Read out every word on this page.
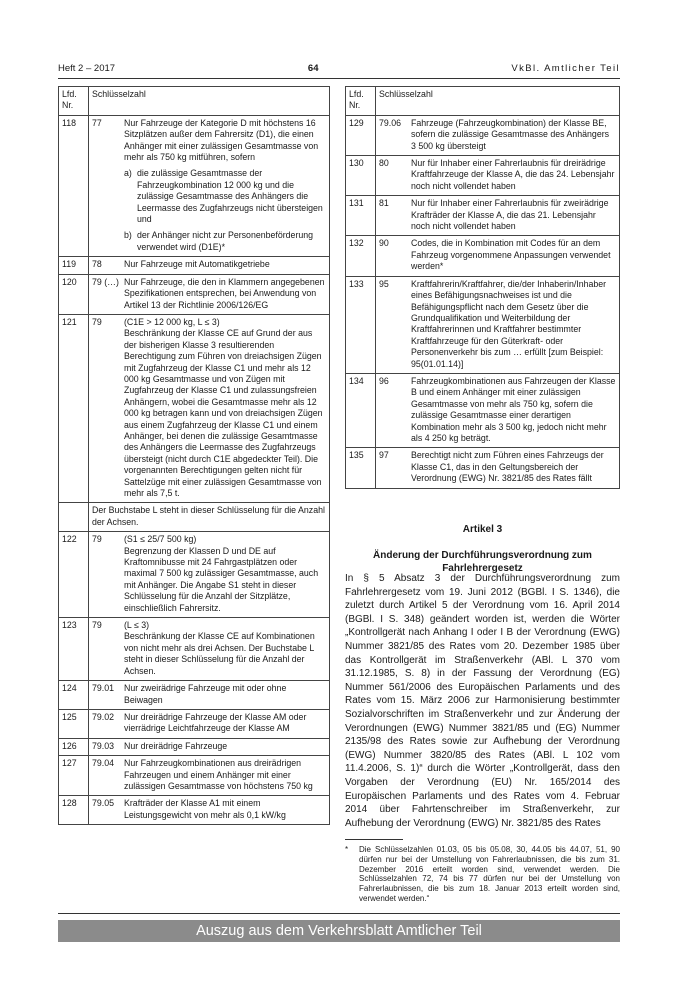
Heft 2 – 2017	64	VkBl. Amtlicher Teil
Lfd. Nr.	Schlüsselzahl	
118	77	Nur Fahrzeuge der Kategorie D mit höchstens 16 Sitzplätzen außer dem Fahrersitz (D1), die einen Anhänger mit einer zulässigen Gesamtmasse von mehr als 750 kg mitführen, sofern

a) die zulässige Gesamtmasse der Fahrzeugkombination 12 000 kg und die zulässige Gesamtmasse des Anhängers die Leermasse des Zugfahrzeugs nicht übersteigen und
b) der Anhänger nicht zur Personenbeförderung verwendet wird (D1E)*

119	78	Nur Fahrzeuge mit Automatikgetriebe
120	79 (…)	Nur Fahrzeuge, die den in Klammern angegebenen Spezifikationen entsprechen, bei Anwendung von Artikel 13 der Richtlinie 2006/126/EG
121	79	(C1E > 12 000 kg, L ≤ 3)

Beschränkung der Klasse CE auf Grund der aus der bisherigen Klasse 3 resultierenden Berechtigung zum Führen von dreiachsigen Zügen mit Zugfahrzeug der Klasse C1 und mehr als 12 000 kg Gesamtmasse und von Zügen mit Zugfahrzeug der Klasse C1 und zulassungsfreien Anhängern, wobei die Gesamtmasse mehr als 12 000 kg betragen kann und von dreiachsigen Zügen aus einem Zugfahrzeug der Klasse C1 und einem Anhänger, bei denen die zulässige Gesamtmasse des Anhängers die Leermasse des Zugfahrzeugs übersteigt (nicht durch C1E abgedeckter Teil). Die vorgenannten Berechtigungen gelten nicht für Sattelzüge mit einer zulässigen Gesamtmasse von mehr als 7,5 t.

	Der Buchstabe L steht in dieser Schlüsselung für die Anzahl der Achsen.	
122	79	(S1 ≤ 25/7 500 kg)

Begrenzung der Klassen D und DE auf Kraftomnibusse mit 24 Fahrgastplätzen oder maximal 7 500 kg zulässiger Gesamtmasse, auch mit Anhänger. Die Angabe S1 steht in dieser Schlüsselung für die Anzahl der Sitzplätze, einschließlich Fahrersitz.

123	79	(L ≤ 3)

Beschränkung der Klasse CE auf Kombinationen von nicht mehr als drei Achsen. Der Buchstabe L steht in dieser Schlüsselung für die Anzahl der Achsen.

124	79.01	Nur zweirädrige Fahrzeuge mit oder ohne Beiwagen
125	79.02	Nur dreirädrige Fahrzeuge der Klasse AM oder vierrädrige Leichtfahrzeuge der Klasse AM
126	79.03	Nur dreirädrige Fahrzeuge
127	79.04	Nur Fahrzeugkombinationen aus dreirädrigen Fahrzeugen und einem Anhänger mit einer zulässigen Gesamtmasse von höchstens 750 kg
128	79.05	Krafträder der Klasse A1 mit einem Leistungsgewicht von mehr als 0,1 kW/kg
Lfd. Nr.	Schlüsselzahl	
129	79.06	Fahrzeuge (Fahrzeugkombination) der Klasse BE, sofern die zulässige Gesamtmasse des Anhängers 3 500 kg übersteigt
130	80	Nur für Inhaber einer Fahrerlaubnis für dreirädrige Kraftfahrzeuge der Klasse A, die das 24. Lebensjahr noch nicht vollendet haben
131	81	Nur für Inhaber einer Fahrerlaubnis für zweirädrige Krafträder der Klasse A, die das 21. Lebensjahr noch nicht vollendet haben
132	90	Codes, die in Kombination mit Codes für an dem Fahrzeug vorgenommene Anpassungen verwendet werden*
133	95	Kraftfahrerin/Kraftfahrer, die/der Inhaberin/Inhaber eines Befähigungsnachweises ist und die Befähigungspflicht nach dem Gesetz über die Grundqualifikation und Weiterbildung der Kraftfahrerinnen und Kraftfahrer bestimmter Kraftfahrzeuge für den Güterkraft- oder Personenverkehr bis zum … erfüllt [zum Beispiel: 95(01.01.14)]
134	96	Fahrzeugkombinationen aus Fahrzeugen der Klasse B und einem Anhänger mit einer zulässigen Gesamtmasse von mehr als 750 kg, sofern die zulässige Gesamtmasse einer derartigen Kombination mehr als 3 500 kg, jedoch nicht mehr als 4 250 kg beträgt.
135	97	Berechtigt nicht zum Führen eines Fahrzeugs der Klasse C1, das in den Geltungsbereich der Verordnung (EWG) Nr. 3821/85 des Rates fällt
Artikel 3
Änderung der Durchführungsverordnung zum Fahrlehrergesetz

In § 5 Absatz 3 der Durchführungsverordnung zum Fahrlehrergesetz vom 19. Juni 2012 (BGBl. I S. 1346), die zuletzt durch Artikel 5 der Verordnung vom 16. April 2014 (BGBl. I S. 348) geändert worden ist, werden die Wörter „Kontrollgerät nach Anhang I oder I B der Verordnung (EWG) Nummer 3821/85 des Rates vom 20. Dezember 1985 über das Kontrollgerät im Straßenverkehr (ABl. L 370 vom 31.12.1985, S. 8) in der Fassung der Verordnung (EG) Nummer 561/2006 des Europäischen Parlaments und des Rates vom 15. März 2006 zur Harmonisierung bestimmter Sozialvorschriften im Straßenverkehr und zur Änderung der Verordnungen (EWG) Nummer 3821/85 und (EG) Nummer 2135/98 des Rates sowie zur Aufhebung der Verordnung (EWG) Nummer 3820/85 des Rates (ABl. L 102 vom 11.4.2006, S. 1)“ durch die Wörter „Kontrollgerät, dass den Vorgaben der Verordnung (EU) Nr. 165/2014 des Europäischen Parlaments und des Rates vom 4. Februar 2014 über Fahrtenschreiber im Straßenverkehr, zur Aufhebung der Verordnung (EWG) Nr. 3821/85 des Rates

*	Die Schlüsselzahlen 01.03, 05 bis 05.08, 30, 44.05 bis 44.07, 51, 90 dürfen nur bei der Umstellung von Fahrerlaubnissen, die bis zum 31. Dezember 2016 erteilt worden sind, verwendet werden. Die Schlüsselzahlen 72, 74 bis 77 dürfen nur bei der Umstellung von Fahrerlaubnissen, die bis zum 18. Januar 2013 erteilt worden sind, verwendet werden.“
Auszug aus dem Verkehrsblatt Amtlicher Teil
